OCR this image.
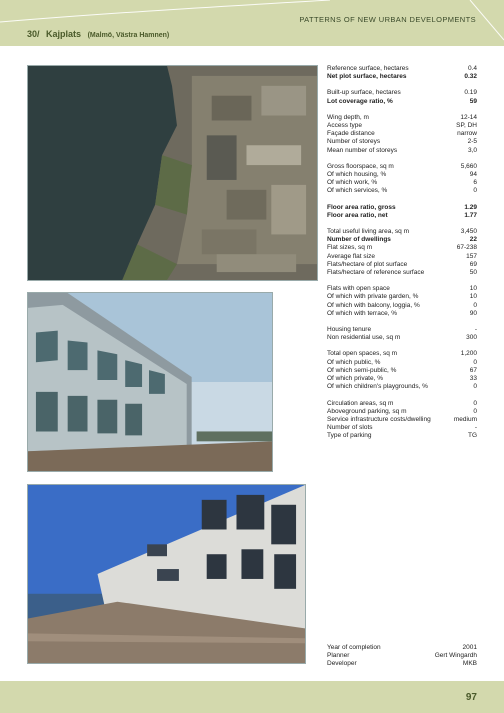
PATTERNS OF NEW URBAN DEVELOPMENTS
30/ Kajplats (Malmö, Västra Hamnen)
Reference surface, hectares	0.4
Net plot surface, hectares	0.32
Built-up surface, hectares	0.19
Lot coverage ratio, %	59
Wing depth, m	12-14
Access type	SP, DH
Façade distance	narrow
Number of storeys	2-5
Mean number of storeys	3,0
Gross floorspace, sq m	5,660
Of which housing, %	94
Of which work, %	6
Of which services, %	0
Floor area ratio, gross	1.29
Floor area ratio, net	1.77
Total useful living area, sq m	3,450
Number of dwellings	22
Flat sizes, sq m	67-238
Average flat size	157
Flats/hectare of plot surface	69
Flats/hectare of reference surface	50
Flats with open space	10
Of which with private garden, %	10
Of which with balcony, loggia, %	0
Of which with terrace, %	90
Housing tenure	-
Non residential use, sq m	300
Total open spaces, sq m	1,200
Of which public, %	0
Of which semi-public, %	67
Of which private, %	33
Of which children's playgrounds, %	0
Circulation areas, sq m	0
Aboveground parking, sq m	0
Service infrastructure costs/dwelling	medium
Number of slots	-
Type of parking	TG
Year of completion	2001
Planner	Gert Wingardh
Developer	MKB
97
